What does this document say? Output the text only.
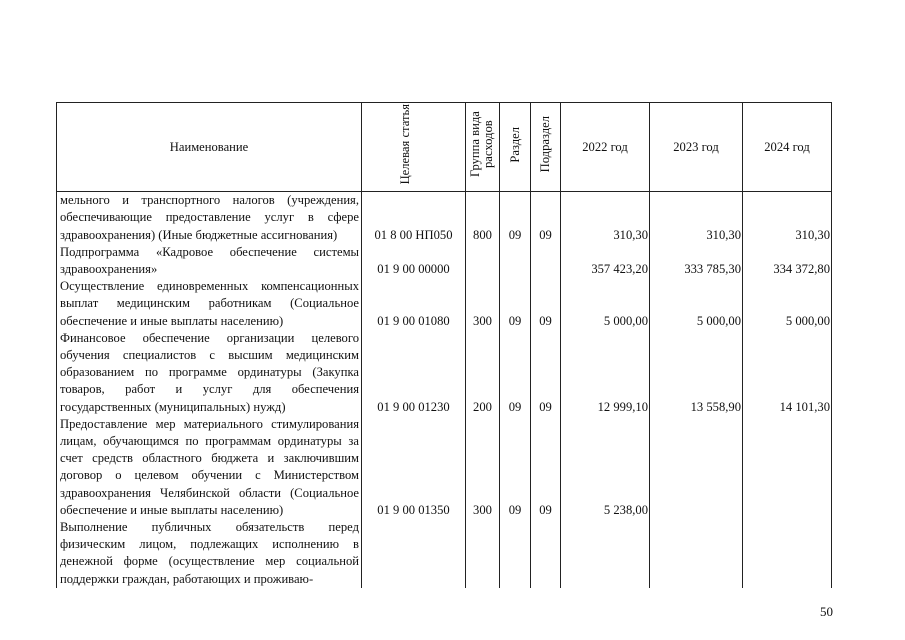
Наименование	Целевая статья	Группа вида расходов	Раздел	Подраздел	2022 год	2023 год	2024 год
мельного и транспортного налогов (учреждения, обеспечивающие предоставление услуг в сфере здравоохранения) (Иные бюджетные ассигнования)	01 8 00 НП050	800	09	09	310,30	310,30	310,30
Подпрограмма «Кадровое обеспечение системы здравоохранения»	01 9 00 00000				357 423,20	333 785,30	334 372,80
Осуществление единовременных компенсационных выплат медицинским работникам (Социальное обеспечение и иные выплаты населению)	01 9 00 01080	300	09	09	5 000,00	5 000,00	5 000,00
Финансовое обеспечение организации целевого обучения специалистов с высшим медицинским образованием по программе ординатуры (Закупка товаров, работ и услуг для обеспечения государственных (муниципальных) нужд)	01 9 00 01230	200	09	09	12 999,10	13 558,90	14 101,30
Предоставление мер материального стимулирования лицам, обучающимся по программам ординатуры за счет средств областного бюджета и заключившим договор о целевом обучении с Министерством здравоохранения Челябинской области (Социальное обеспечение и иные выплаты населению)	01 9 00 01350	300	09	09	5 238,00		
Выполнение публичных обязательств перед физическим лицом, подлежащих исполнению в денежной форме (осуществление мер социальной поддержки граждан, работающих и проживаю-							
50
